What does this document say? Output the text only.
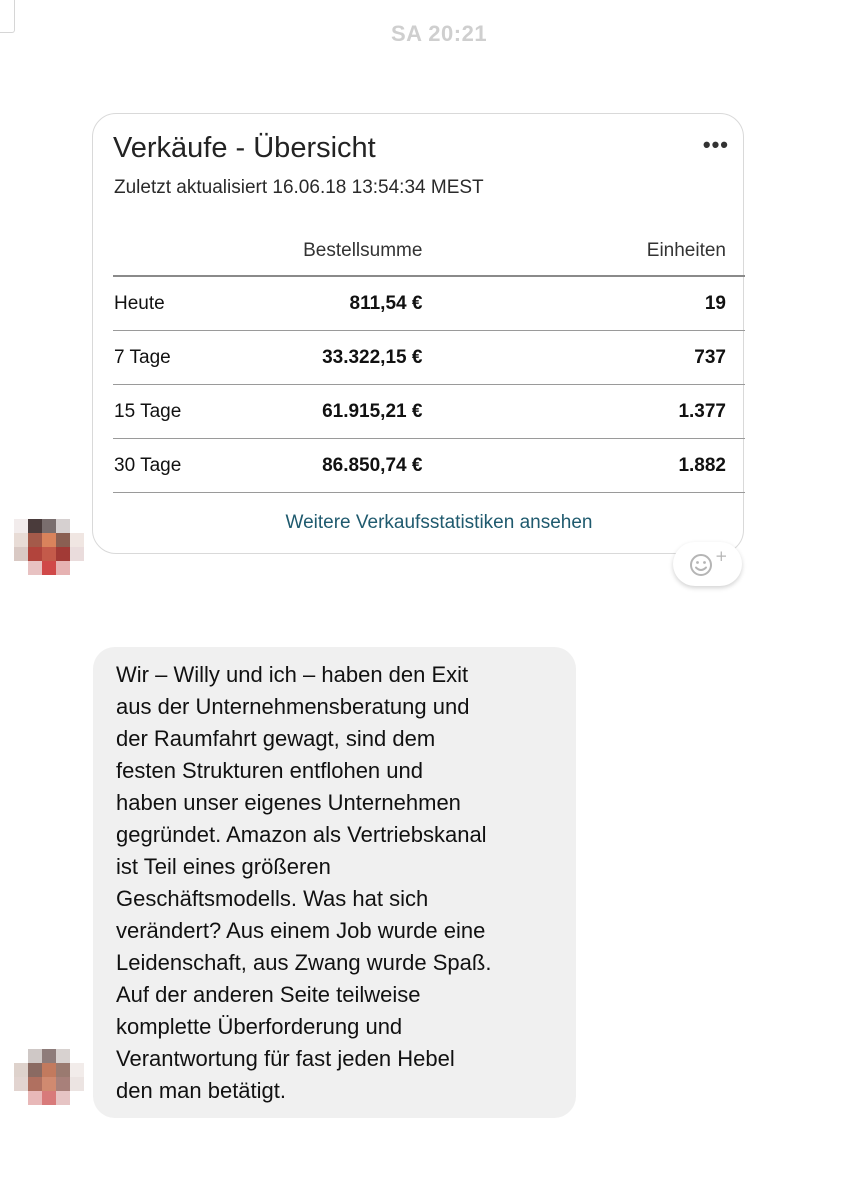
SA 20:21
Verkäufe - Übersicht	•••
Zuletzt aktualisiert 16.06.18 13:54:34 MEST
	Bestellsumme	Einheiten
Heute	811,54 €	19
7 Tage	33.322,15 €	737
15 Tage	61.915,21 €	1.377
30 Tage	86.850,74 €	1.882
Weitere Verkaufsstatistiken ansehen
+

Wir – Willy und ich – haben den Exit
aus der Unternehmensberatung und
der Raumfahrt gewagt, sind dem
festen Strukturen entflohen und
haben unser eigenes Unternehmen
gegründet. Amazon als Vertriebskanal
ist Teil eines größeren
Geschäftsmodells. Was hat sich
verändert? Aus einem Job wurde eine
Leidenschaft, aus Zwang wurde Spaß.
Auf der anderen Seite teilweise
komplette Überforderung und
Verantwortung für fast jeden Hebel
den man betätigt.
